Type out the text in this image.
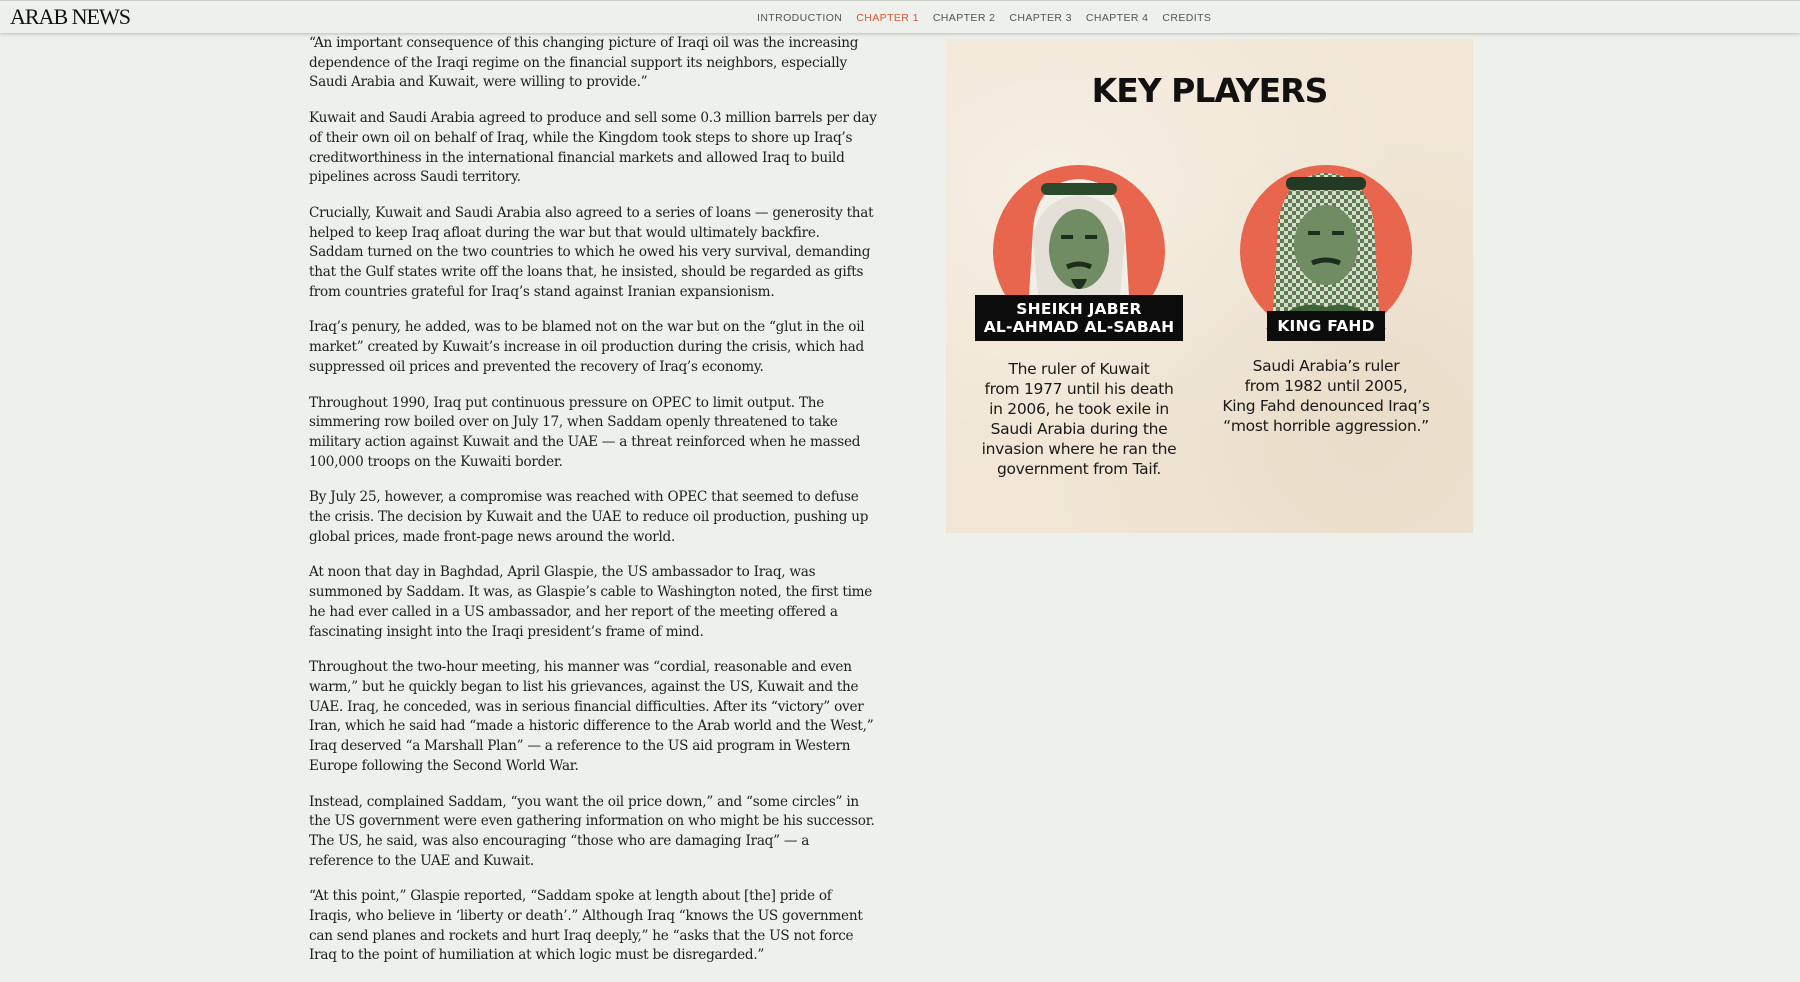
ARAB NEWS	INTRODUCTION CHAPTER 1 CHAPTER 2 CHAPTER 3 CHAPTER 4 CREDITS

“An important consequence of this changing picture of Iraqi oil was the increasing dependence of the Iraqi regime on the financial support its neighbors, especially Saudi Arabia and Kuwait, were willing to provide.”

Kuwait and Saudi Arabia agreed to produce and sell some 0.3 million barrels per day of their own oil on behalf of Iraq, while the Kingdom took steps to shore up Iraq’s creditworthiness in the international financial markets and allowed Iraq to build pipelines across Saudi territory.

Crucially, Kuwait and Saudi Arabia also agreed to a series of loans — generosity that helped to keep Iraq afloat during the war but that would ultimately backfire. Saddam turned on the two countries to which he owed his very survival, demanding that the Gulf states write off the loans that, he insisted, should be regarded as gifts from countries grateful for Iraq’s stand against Iranian expansionism.

Iraq’s penury, he added, was to be blamed not on the war but on the “glut in the oil market” created by Kuwait’s increase in oil production during the crisis, which had suppressed oil prices and prevented the recovery of Iraq’s economy.

Throughout 1990, Iraq put continuous pressure on OPEC to limit output. The simmering row boiled over on July 17, when Saddam openly threatened to take military action against Kuwait and the UAE — a threat reinforced when he massed 100,000 troops on the Kuwaiti border.

By July 25, however, a compromise was reached with OPEC that seemed to defuse the crisis. The decision by Kuwait and the UAE to reduce oil production, pushing up global prices, made front-page news around the world.

At noon that day in Baghdad, April Glaspie, the US ambassador to Iraq, was summoned by Saddam. It was, as Glaspie’s cable to Washington noted, the first time he had ever called in a US ambassador, and her report of the meeting offered a fascinating insight into the Iraqi president’s frame of mind.

Throughout the two-hour meeting, his manner was “cordial, reasonable and even warm,” but he quickly began to list his grievances, against the US, Kuwait and the UAE. Iraq, he conceded, was in serious financial difficulties. After its “victory” over Iran, which he said had “made a historic difference to the Arab world and the West,” Iraq deserved “a Marshall Plan” — a reference to the US aid program in Western Europe following the Second World War.

Instead, complained Saddam, “you want the oil price down,” and “some circles” in the US government were even gathering information on who might be his successor. The US, he said, was also encouraging “those who are damaging Iraq” — a reference to the UAE and Kuwait.

“At this point,” Glaspie reported, “Saddam spoke at length about [the] pride of Iraqis, who believe in ‘liberty or death’.” Although Iraq “knows the US government can send planes and rockets and hurt Iraq deeply,” he “asks that the US not force Iraq to the point of humiliation at which logic must be disregarded.”

KEY PLAYERS
SHEIKH JABER
AL-AHMAD AL-SABAH
The ruler of Kuwait
from 1977 until his death
in 2006, he took exile in
Saudi Arabia during the
invasion where he ran the
government from Taif.
KING FAHD
Saudi Arabia’s ruler
from 1982 until 2005,
King Fahd denounced Iraq’s
“most horrible aggression.”
